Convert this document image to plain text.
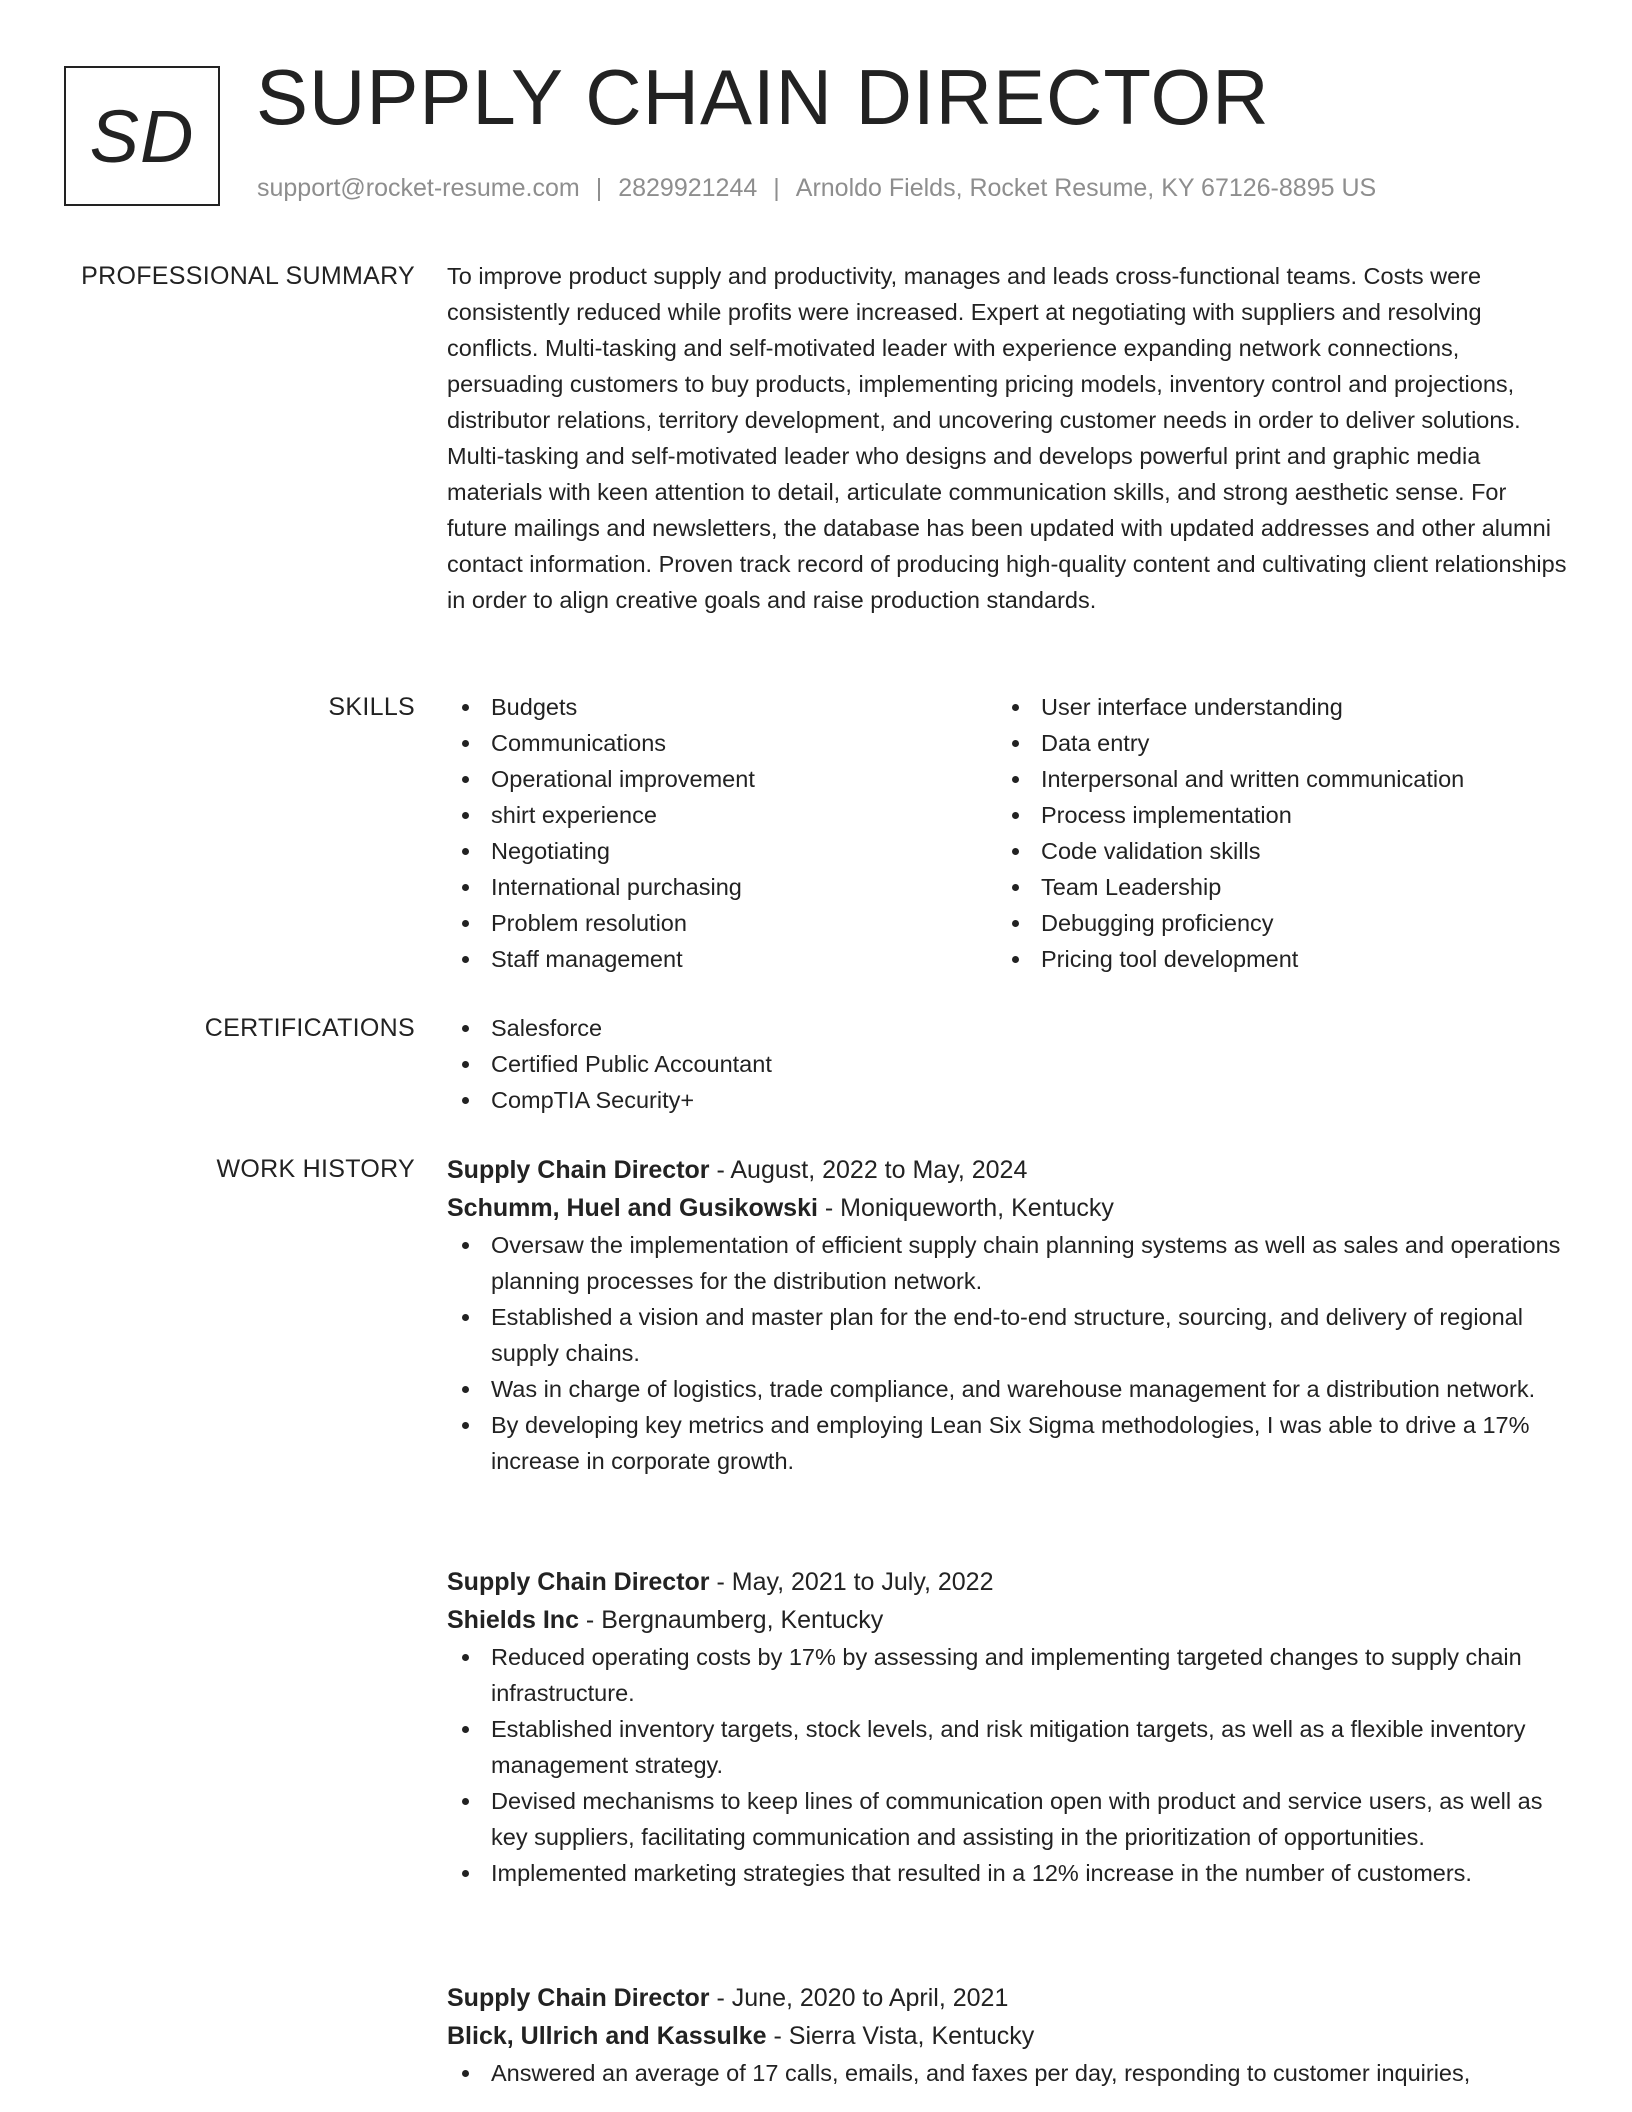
SD SUPPLY CHAIN DIRECTOR
support@rocket-resume.com | 2829921244 | Arnoldo Fields, Rocket Resume, KY 67126-8895 US
PROFESSIONAL SUMMARY To improve product supply and productivity, manages and leads cross-functional teams. Costs were consistently reduced while profits were increased. Expert at negotiating with suppliers and resolving conflicts. Multi-tasking and self-motivated leader with experience expanding network connections, persuading customers to buy products, implementing pricing models, inventory control and projections, distributor relations, territory development, and uncovering customer needs in order to deliver solutions. Multi-tasking and self-motivated leader who designs and develops powerful print and graphic media materials with keen attention to detail, articulate communication skills, and strong aesthetic sense. For future mailings and newsletters, the database has been updated with updated addresses and other alumni contact information. Proven track record of producing high-quality content and cultivating client relationships in order to align creative goals and raise production standards.
SKILLS	Budgets
Communications
Operational improvement
shirt experience
Negotiating
International purchasing
Problem resolution
Staff management
User interface understanding
Data entry
Interpersonal and written communication
Process implementation
Code validation skills
Team Leadership
Debugging proficiency
Pricing tool development
CERTIFICATIONS	Salesforce
Certified Public Accountant
CompTIA Security+
WORK HISTORY Supply Chain Director - August, 2022 to May, 2024
Schumm, Huel and Gusikowski - Moniqueworth, Kentucky
Oversaw the implementation of efficient supply chain planning systems as well as sales and operations planning processes for the distribution network.
Established a vision and master plan for the end-to-end structure, sourcing, and delivery of regional supply chains.
Was in charge of logistics, trade compliance, and warehouse management for a distribution network.
By developing key metrics and employing Lean Six Sigma methodologies, I was able to drive a 17% increase in corporate growth.
Supply Chain Director - May, 2021 to July, 2022
Shields Inc - Bergnaumberg, Kentucky
Reduced operating costs by 17% by assessing and implementing targeted changes to supply chain infrastructure.
Established inventory targets, stock levels, and risk mitigation targets, as well as a flexible inventory management strategy.
Devised mechanisms to keep lines of communication open with product and service users, as well as key suppliers, facilitating communication and assisting in the prioritization of opportunities.
Implemented marketing strategies that resulted in a 12% increase in the number of customers.
Supply Chain Director - June, 2020 to April, 2021
Blick, Ullrich and Kassulke - Sierra Vista, Kentucky
Answered an average of 17 calls, emails, and faxes per day, responding to customer inquiries,
